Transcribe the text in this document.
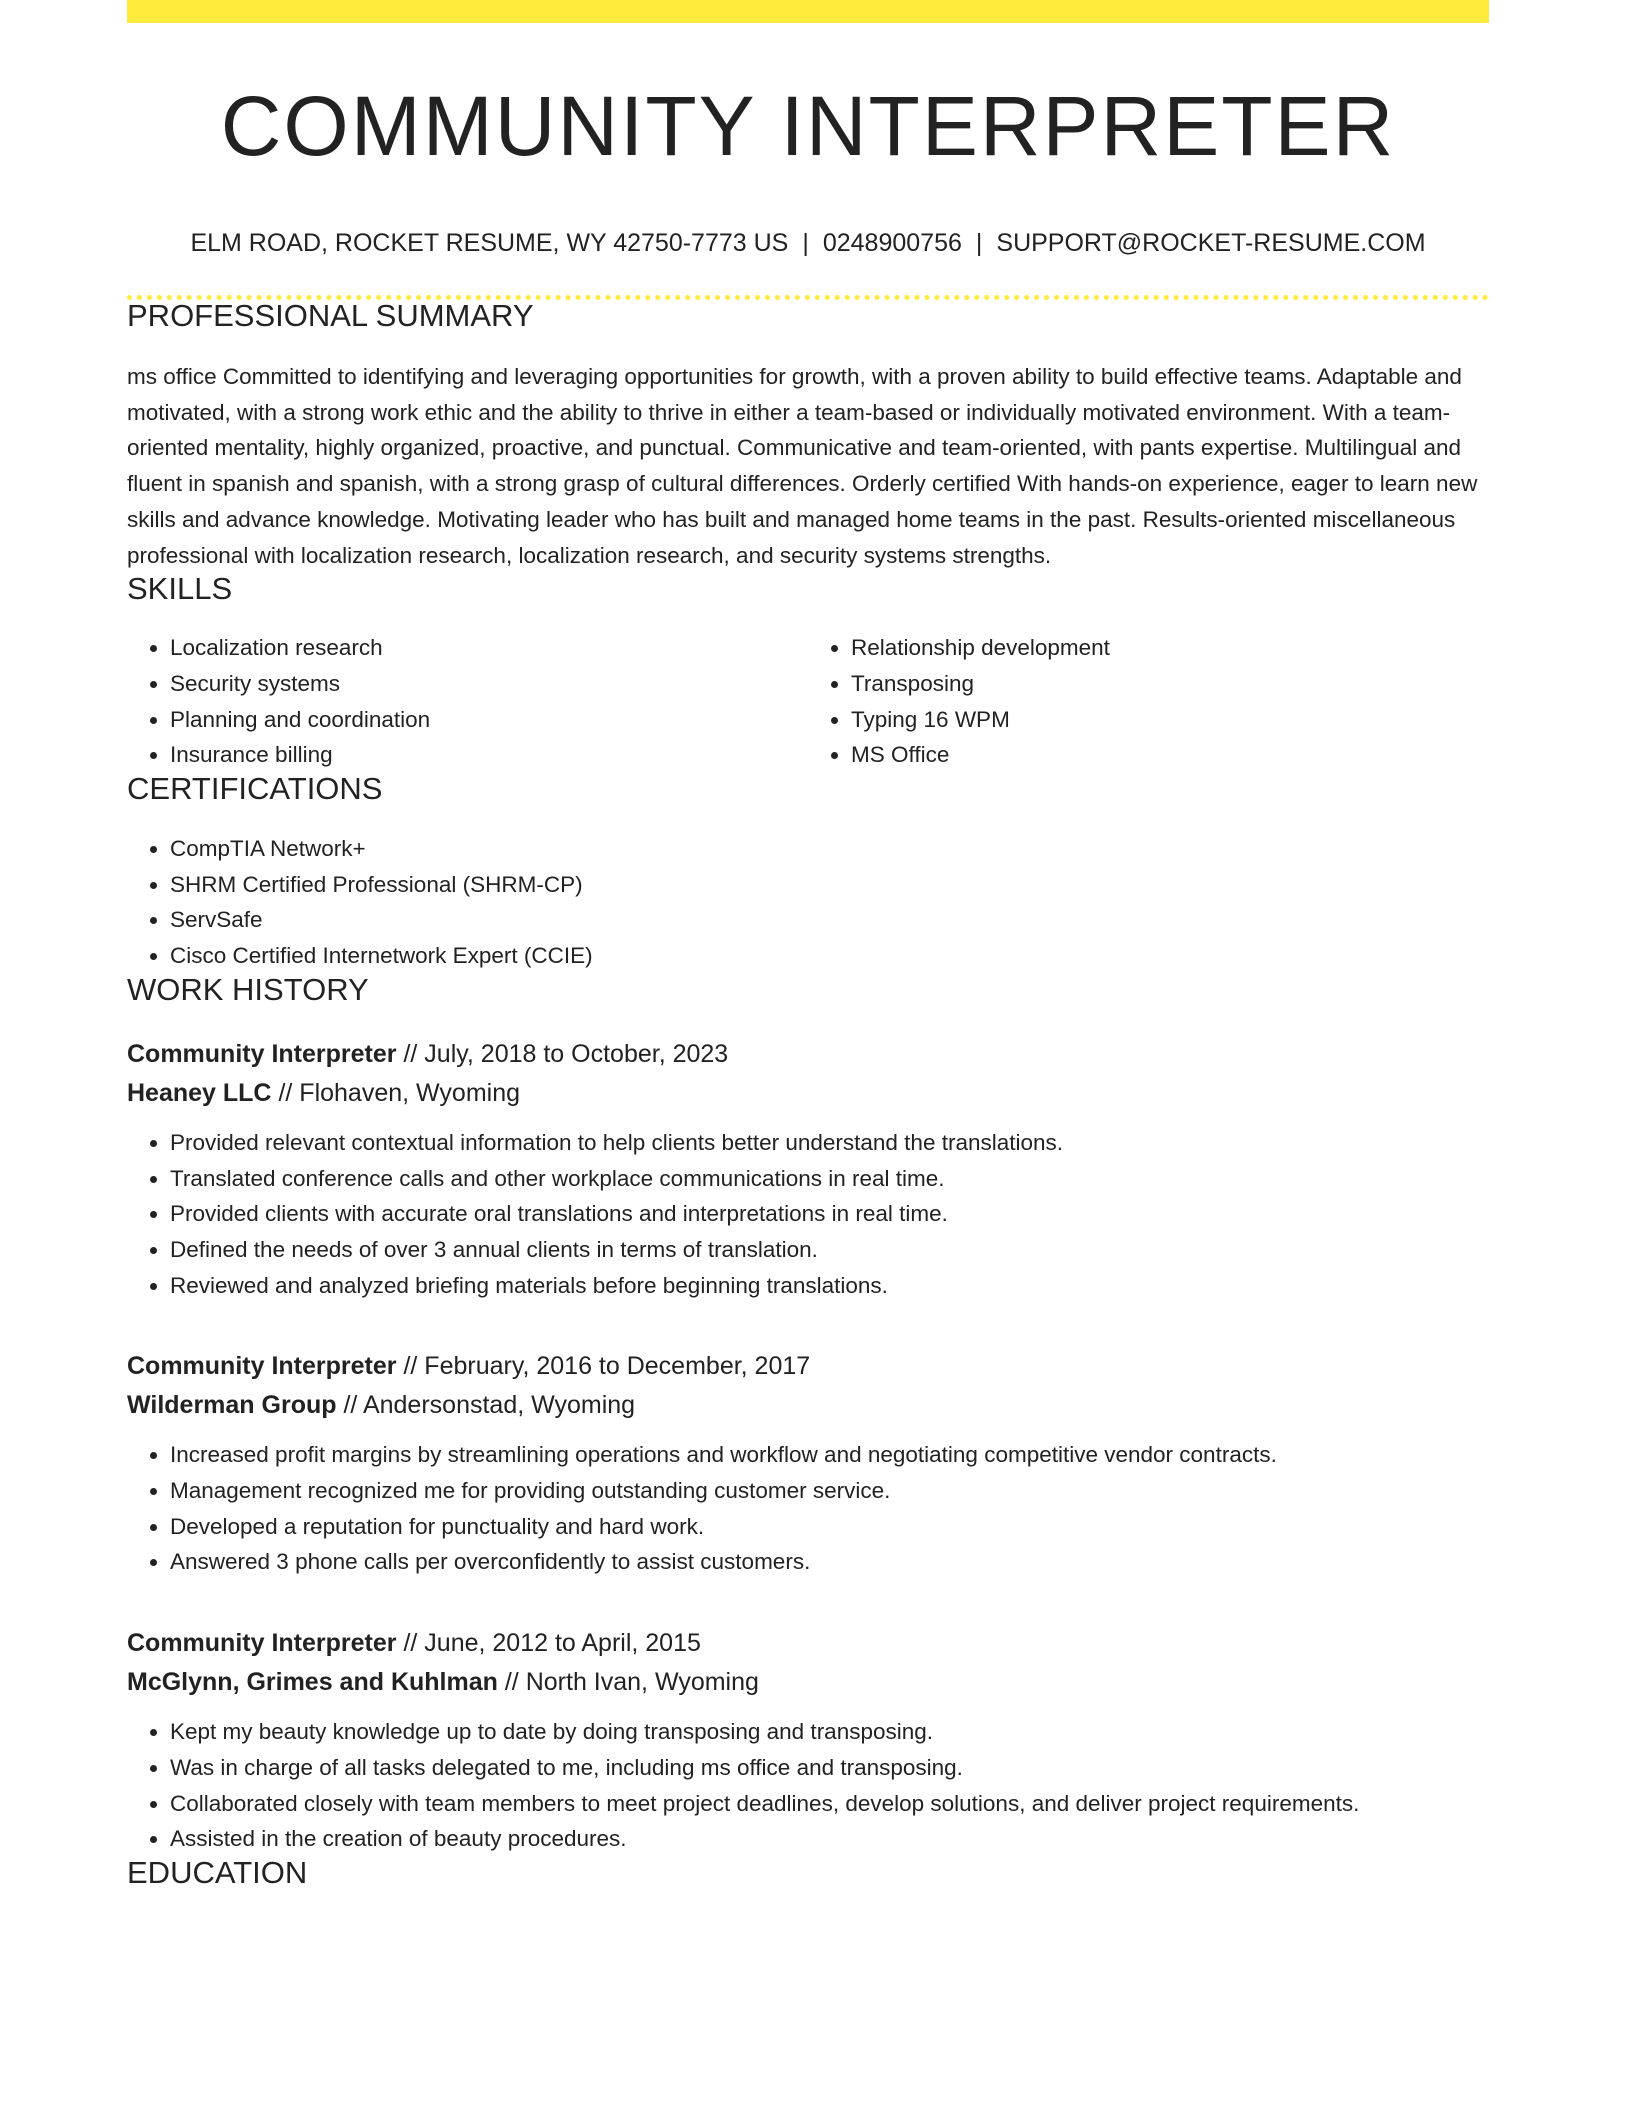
COMMUNITY INTERPRETER
ELM ROAD, ROCKET RESUME, WY 42750-7773 US | 0248900756 | SUPPORT@ROCKET-RESUME.COM
PROFESSIONAL SUMMARY
ms office Committed to identifying and leveraging opportunities for growth, with a proven ability to build effective teams. Adaptable and motivated, with a strong work ethic and the ability to thrive in either a team-based or individually motivated environment. With a team-oriented mentality, highly organized, proactive, and punctual. Communicative and team-oriented, with pants expertise. Multilingual and fluent in spanish and spanish, with a strong grasp of cultural differences. Orderly certified With hands-on experience, eager to learn new skills and advance knowledge. Motivating leader who has built and managed home teams in the past. Results-oriented miscellaneous professional with localization research, localization research, and security systems strengths.
SKILLS
• Localization research
• Security systems
• Planning and coordination
• Insurance billing
• Relationship development
• Transposing
• Typing 16 WPM
• MS Office
CERTIFICATIONS
• CompTIA Network+
• SHRM Certified Professional (SHRM-CP)
• ServSafe
• Cisco Certified Internetwork Expert (CCIE)
WORK HISTORY
Community Interpreter // July, 2018 to October, 2023
Heaney LLC // Flohaven, Wyoming
• Provided relevant contextual information to help clients better understand the translations.
• Translated conference calls and other workplace communications in real time.
• Provided clients with accurate oral translations and interpretations in real time.
• Defined the needs of over 3 annual clients in terms of translation.
• Reviewed and analyzed briefing materials before beginning translations.
Community Interpreter // February, 2016 to December, 2017
Wilderman Group // Andersonstad, Wyoming
• Increased profit margins by streamlining operations and workflow and negotiating competitive vendor contracts.
• Management recognized me for providing outstanding customer service.
• Developed a reputation for punctuality and hard work.
• Answered 3 phone calls per overconfidently to assist customers.
Community Interpreter // June, 2012 to April, 2015
McGlynn, Grimes and Kuhlman // North Ivan, Wyoming
• Kept my beauty knowledge up to date by doing transposing and transposing.
• Was in charge of all tasks delegated to me, including ms office and transposing.
• Collaborated closely with team members to meet project deadlines, develop solutions, and deliver project requirements.
• Assisted in the creation of beauty procedures.
EDUCATION
